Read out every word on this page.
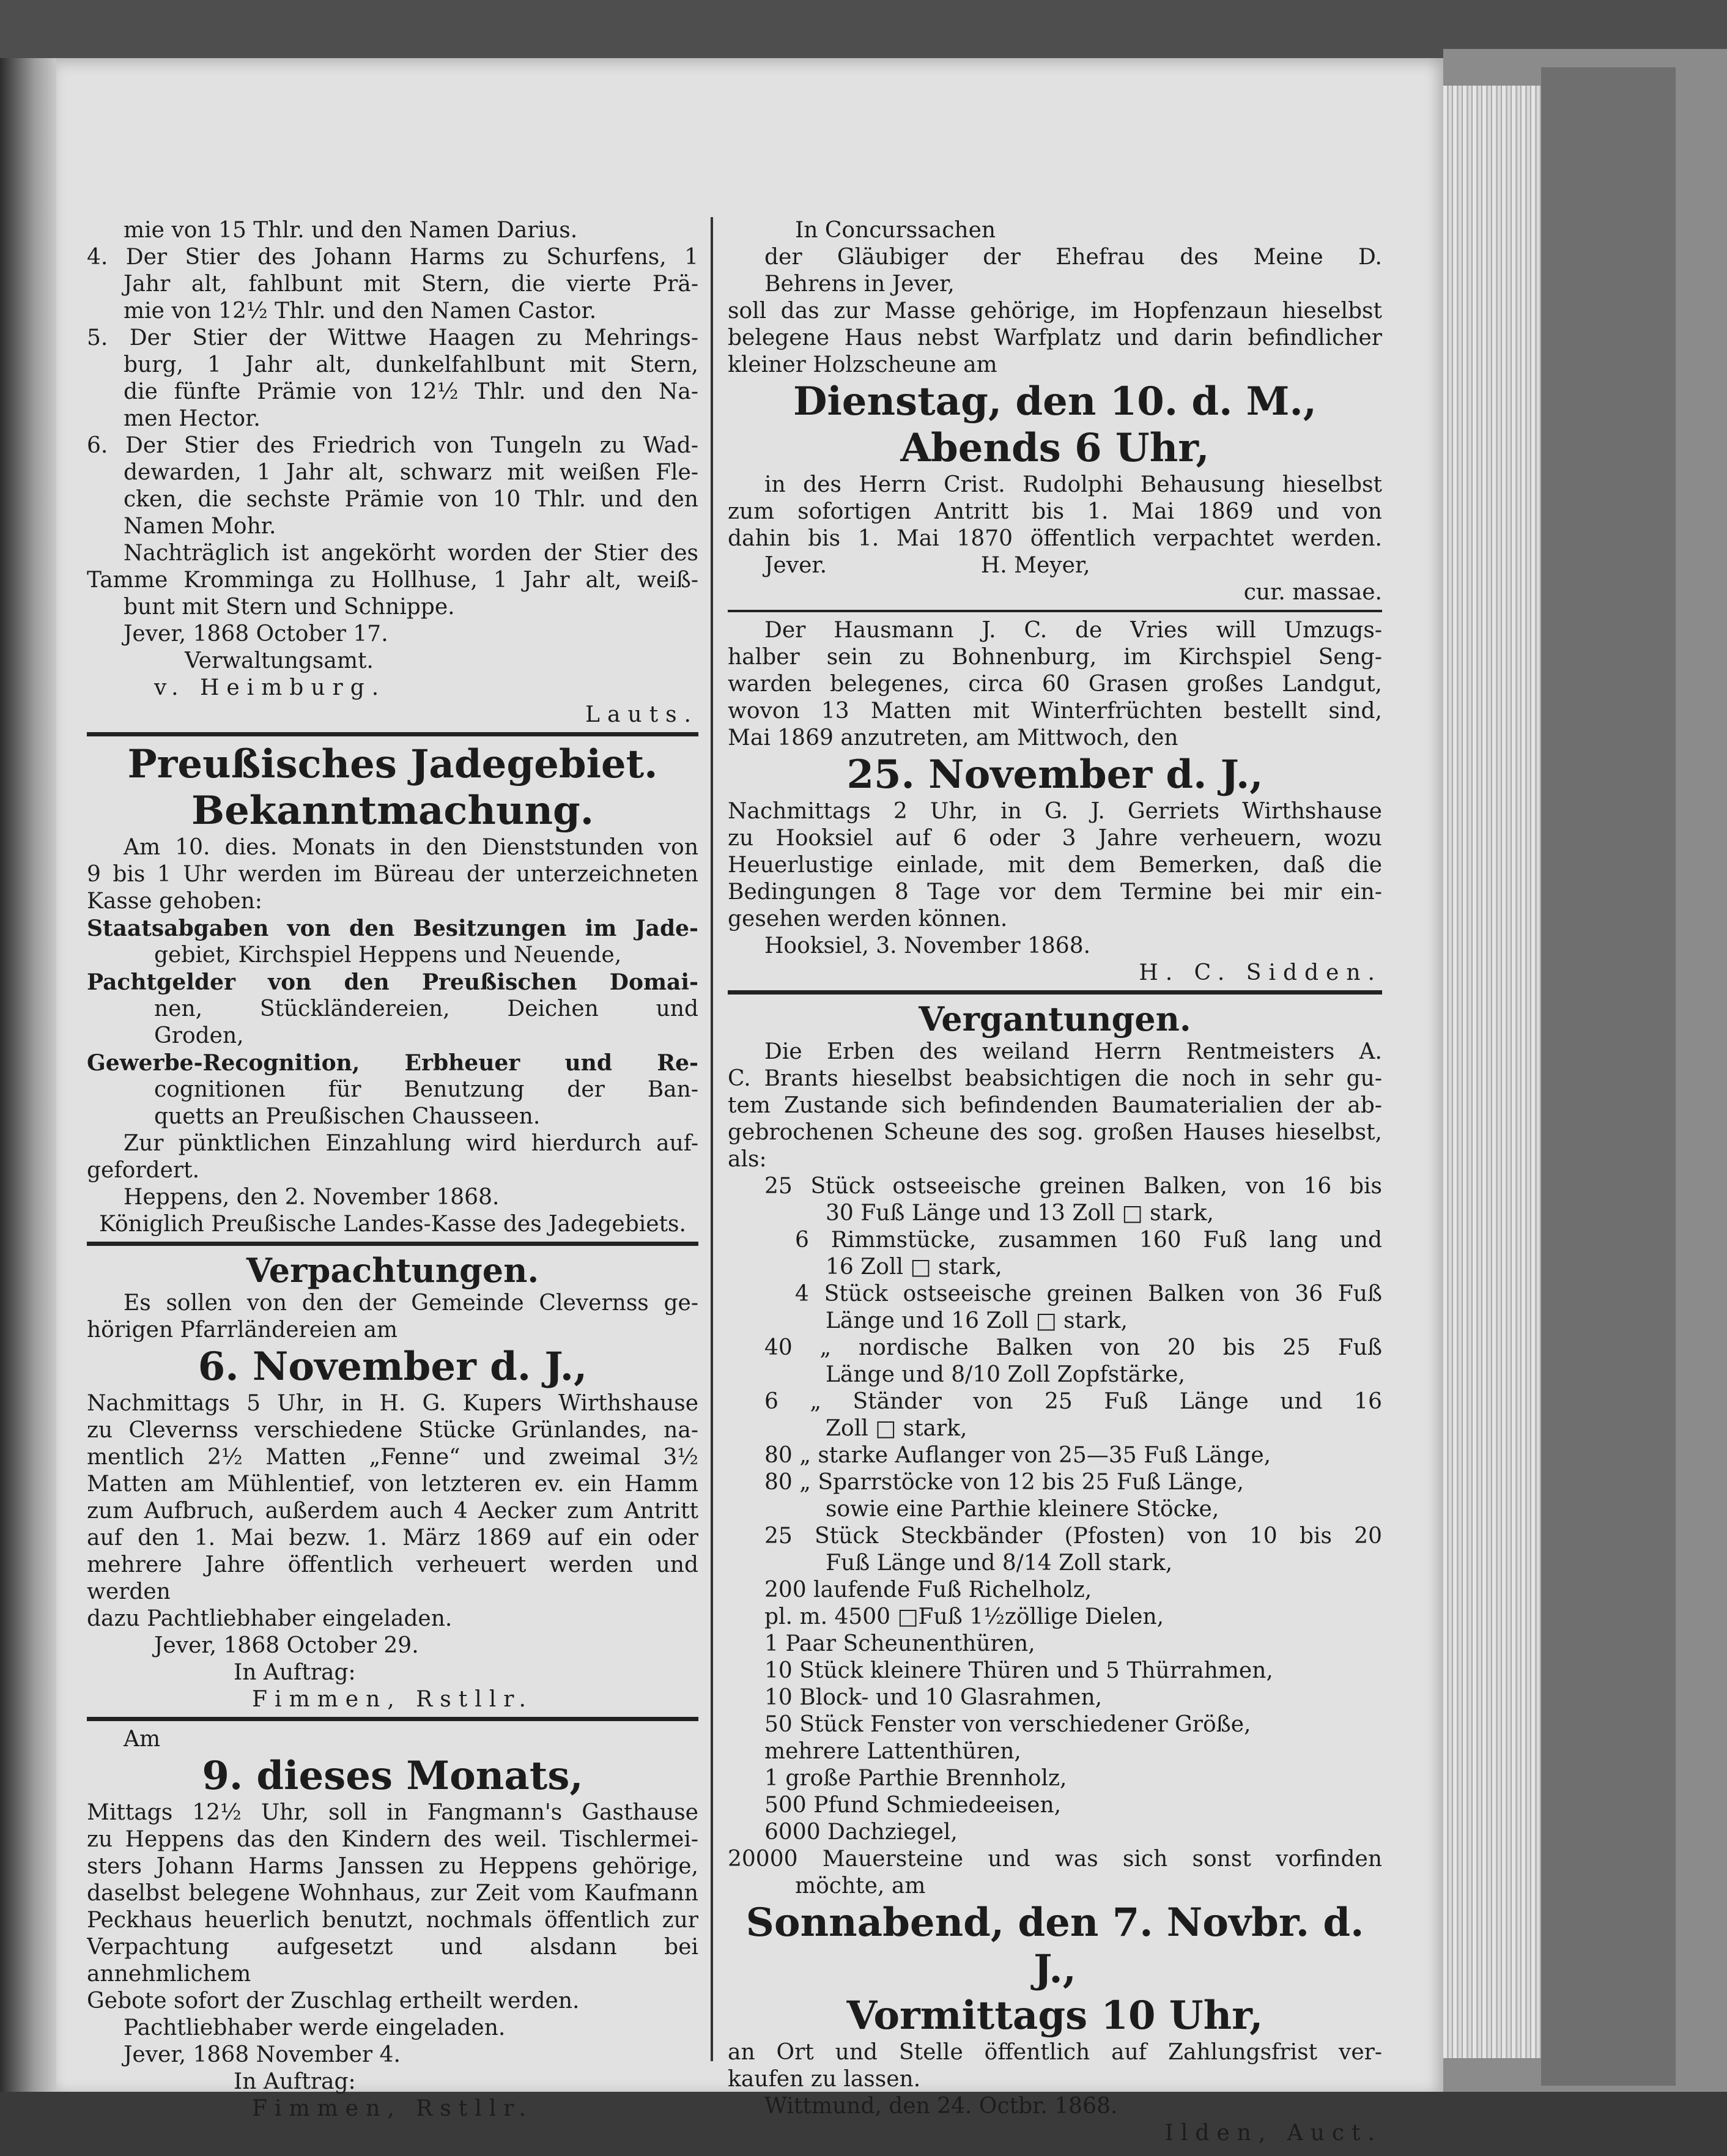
mie von 15 Thlr. und den Namen Darius.
4. Der Stier des Johann Harms zu Schurfens, 1
Jahr alt, fahlbunt mit Stern, die vierte Prä-
mie von 12½ Thlr. und den Namen Castor.
5. Der Stier der Wittwe Haagen zu Mehrings-
burg, 1 Jahr alt, dunkelfahlbunt mit Stern,
die fünfte Prämie von 12½ Thlr. und den Na-
men Hector.
6. Der Stier des Friedrich von Tungeln zu Wad-
dewarden, 1 Jahr alt, schwarz mit weißen Fle-
cken, die sechste Prämie von 10 Thlr. und den
Namen Mohr.
Nachträglich ist angekörht worden der Stier des
Tamme Kromminga zu Hollhuse, 1 Jahr alt, weiß-
bunt mit Stern und Schnippe.
Jever, 1868 October 17.
Verwaltungsamt.
v. Heimburg.
Lauts.
Preußisches Jadegebiet.
Bekanntmachung.
Am 10. dies. Monats in den Dienststunden von
9 bis 1 Uhr werden im Büreau der unterzeichneten
Kasse gehoben:
Staatsabgaben von den Besitzungen im Jade-
gebiet, Kirchspiel Heppens und Neuende,
Pachtgelder von den Preußischen Domai-
nen, Stückländereien, Deichen und
Groden,
Gewerbe-Recognition, Erbheuer und Re-
cognitionen für Benutzung der Ban-
quetts an Preußischen Chausseen.
Zur pünktlichen Einzahlung wird hierdurch auf-
gefordert.
Heppens, den 2. November 1868.
Königlich Preußische Landes-Kasse des Jadegebiets.
Verpachtungen.
Es sollen von den der Gemeinde Clevernss ge-
hörigen Pfarrländereien am
6. November d. J.,
Nachmittags 5 Uhr, in H. G. Kupers Wirthshause
zu Clevernss verschiedene Stücke Grünlandes, na-
mentlich 2½ Matten „Fenne“ und zweimal 3½
Matten am Mühlentief, von letzteren ev. ein Hamm
zum Aufbruch, außerdem auch 4 Aecker zum Antritt
auf den 1. Mai bezw. 1. März 1869 auf ein oder
mehrere Jahre öffentlich verheuert werden und werden
dazu Pachtliebhaber eingeladen.
Jever, 1868 October 29.
In Auftrag:
Fimmen, Rstllr.
Am
9. dieses Monats,
Mittags 12½ Uhr, soll in Fangmann's Gasthause
zu Heppens das den Kindern des weil. Tischlermei-
sters Johann Harms Janssen zu Heppens gehörige,
daselbst belegene Wohnhaus, zur Zeit vom Kaufmann
Peckhaus heuerlich benutzt, nochmals öffentlich zur
Verpachtung aufgesetzt und alsdann bei annehmlichem
Gebote sofort der Zuschlag ertheilt werden.
Pachtliebhaber werde eingeladen.
Jever, 1868 November 4.
In Auftrag:
Fimmen, Rstllr.
In Concurssachen
der Gläubiger der Ehefrau des Meine D.
Behrens in Jever,
soll das zur Masse gehörige, im Hopfenzaun hieselbst
belegene Haus nebst Warfplatz und darin befindlicher
kleiner Holzscheune am
Dienstag, den 10. d. M.,
Abends 6 Uhr,
in des Herrn Crist. Rudolphi Behausung hieselbst
zum sofortigen Antritt bis 1. Mai 1869 und von
dahin bis 1. Mai 1870 öffentlich verpachtet werden.
Jever.                      H. Meyer,
cur. massae.
Der Hausmann J. C. de Vries will Umzugs-
halber sein zu Bohnenburg, im Kirchspiel Seng-
warden belegenes, circa 60 Grasen großes Landgut,
wovon 13 Matten mit Winterfrüchten bestellt sind,
Mai 1869 anzutreten, am Mittwoch, den
25. November d. J.,
Nachmittags 2 Uhr, in G. J. Gerriets Wirthshause
zu Hooksiel auf 6 oder 3 Jahre verheuern, wozu
Heuerlustige einlade, mit dem Bemerken, daß die
Bedingungen 8 Tage vor dem Termine bei mir ein-
gesehen werden können.
Hooksiel, 3. November 1868.
H. C. Sidden.
Vergantungen.
Die Erben des weiland Herrn Rentmeisters A.
C. Brants hieselbst beabsichtigen die noch in sehr gu-
tem Zustande sich befindenden Baumaterialien der ab-
gebrochenen Scheune des sog. großen Hauses hieselbst,
als:
25 Stück ostseeische greinen Balken, von 16 bis
30 Fuß Länge und 13 Zoll □ stark,
6 Rimmstücke, zusammen 160 Fuß lang und
16 Zoll □ stark,
4 Stück ostseeische greinen Balken von 36 Fuß
Länge und 16 Zoll □ stark,
40 „ nordische Balken von 20 bis 25 Fuß
Länge und 8/10 Zoll Zopfstärke,
6 „ Ständer von 25 Fuß Länge und 16
Zoll □ stark,
80 „ starke Auflanger von 25—35 Fuß Länge,
80 „ Sparrstöcke von 12 bis 25 Fuß Länge,
sowie eine Parthie kleinere Stöcke,
25 Stück Steckbänder (Pfosten) von 10 bis 20
Fuß Länge und 8/14 Zoll stark,
200 laufende Fuß Richelholz,
pl. m. 4500 □Fuß 1½zöllige Dielen,
1 Paar Scheunenthüren,
10 Stück kleinere Thüren und 5 Thürrahmen,
10 Block- und 10 Glasrahmen,
50 Stück Fenster von verschiedener Größe,
mehrere Lattenthüren,
1 große Parthie Brennholz,
500 Pfund Schmiedeeisen,
6000 Dachziegel,
20000 Mauersteine und was sich sonst vorfinden
möchte, am
Sonnabend, den 7. Novbr. d. J.,
Vormittags 10 Uhr,
an Ort und Stelle öffentlich auf Zahlungsfrist ver-
kaufen zu lassen.
Wittmund, den 24. Octbr. 1868.
Ilden, Auct.
